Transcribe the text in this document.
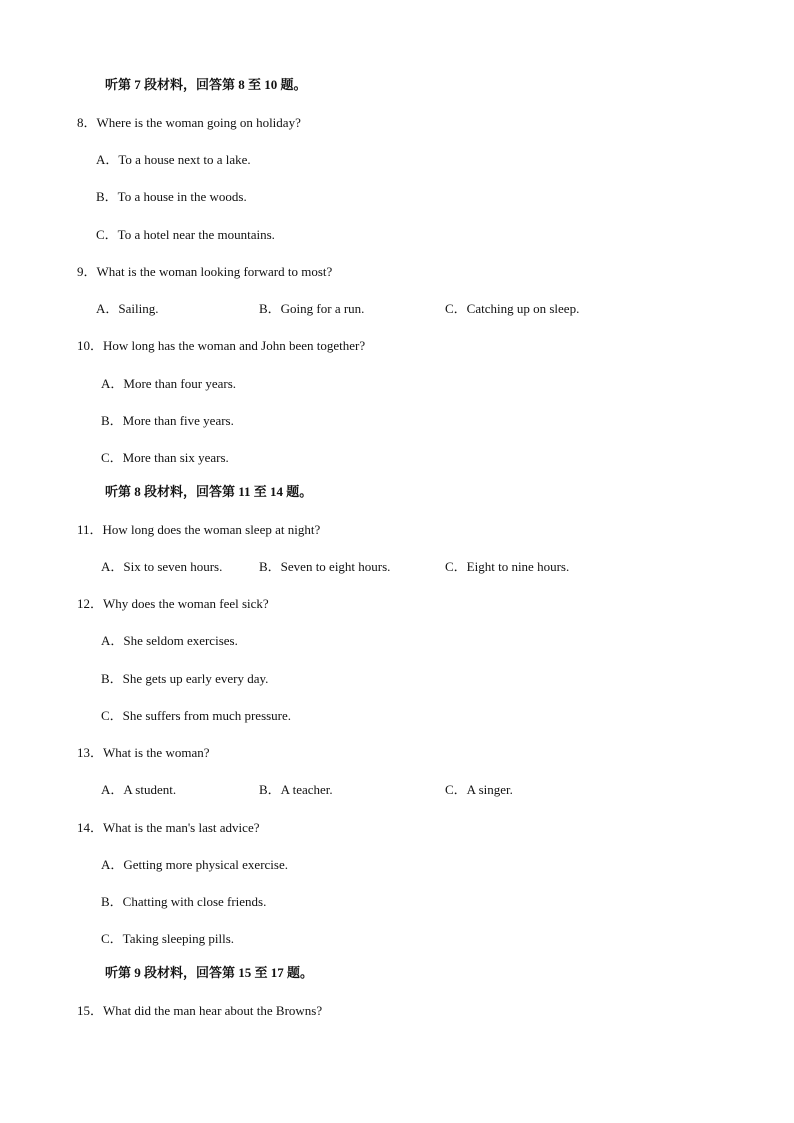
听第 7 段材料，回答第 8 至 10 题。
8．Where is the woman going on holiday?
A．To a house next to a lake.
B．To a house in the woods.
C．To a hotel near the mountains.
9．What is the woman looking forward to most?
A．Sailing.	B．Going for a run.	C．Catching up on sleep.
10．How long has the woman and John been together?
A．More than four years.
B．More than five years.
C．More than six years.
听第 8 段材料，回答第 11 至 14 题。
11．How long does the woman sleep at night?
A．Six to seven hours.	B．Seven to eight hours.	C．Eight to nine hours.
12．Why does the woman feel sick?
A．She seldom exercises.
B．She gets up early every day.
C．She suffers from much pressure.
13．What is the woman?
A．A student.	B．A teacher.	C．A singer.
14．What is the man's last advice?
A．Getting more physical exercise.
B．Chatting with close friends.
C．Taking sleeping pills.
听第 9 段材料，回答第 15 至 17 题。
15．What did the man hear about the Browns?
